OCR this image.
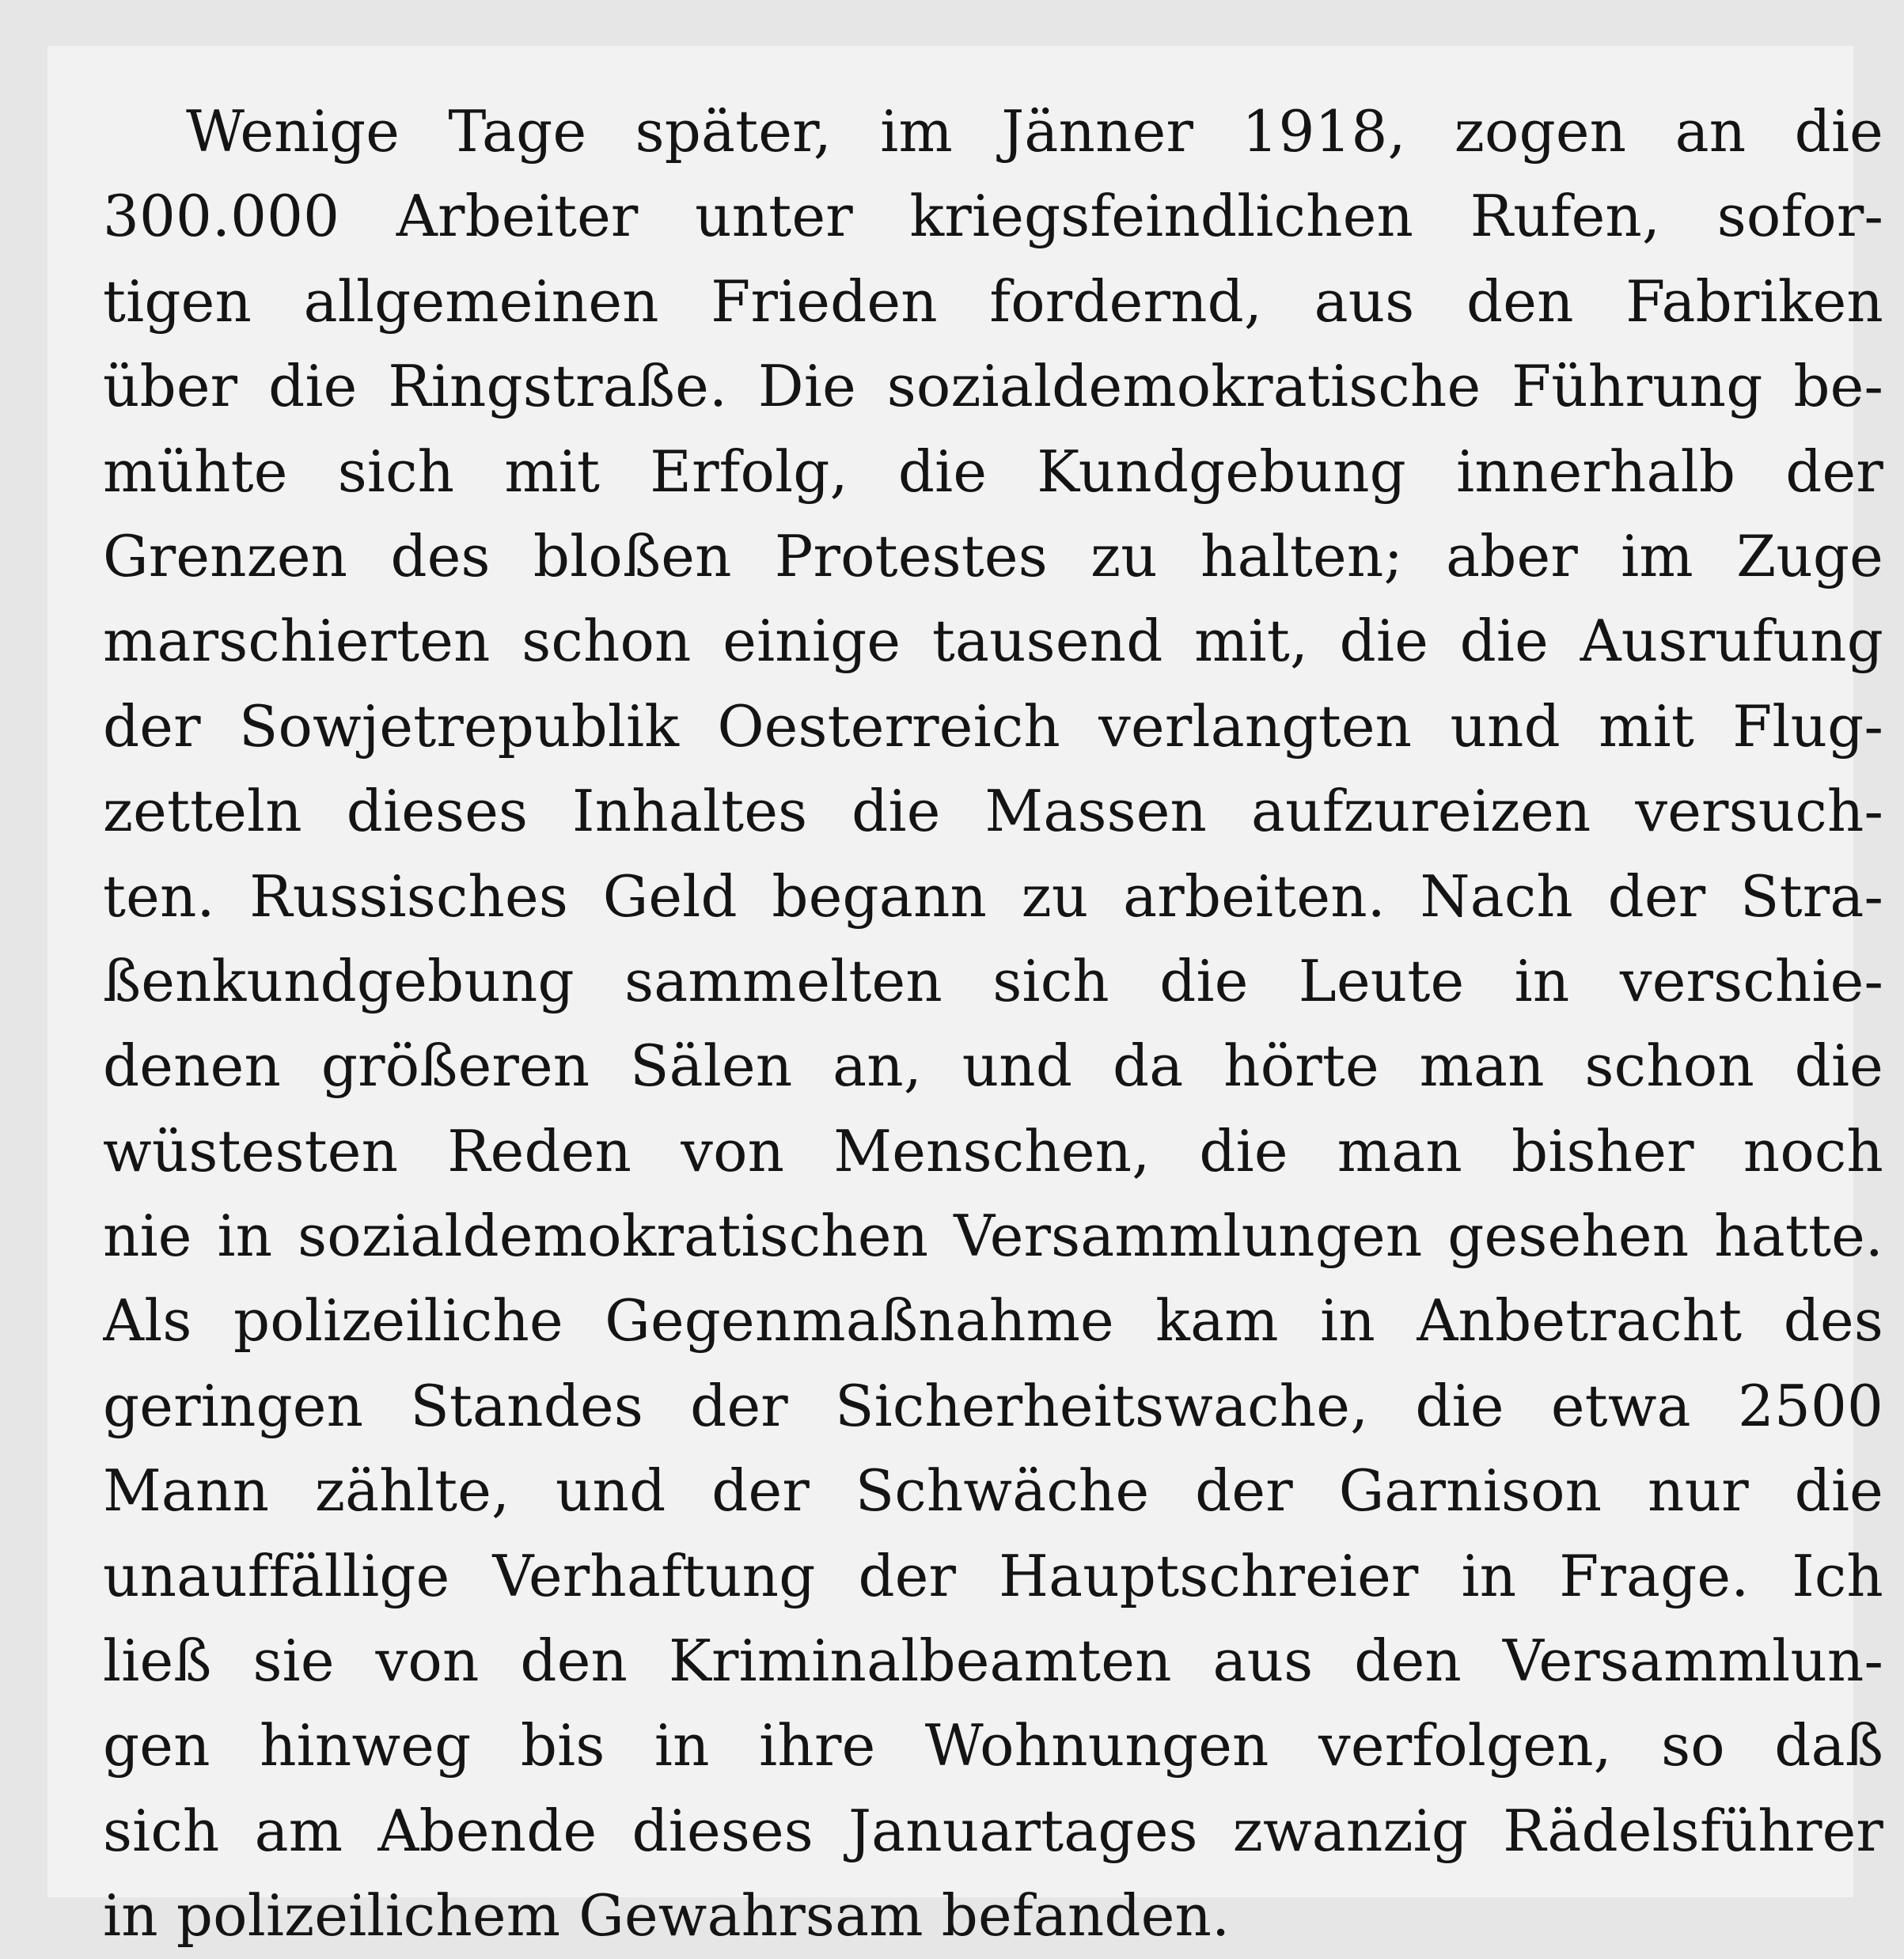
Wenige Tage später, im Jänner 1918, zogen an die
300.000 Arbeiter unter kriegsfeindlichen Rufen, sofor-
tigen allgemeinen Frieden fordernd, aus den Fabriken
über die Ringstraße. Die sozialdemokratische Führung be-
mühte sich mit Erfolg, die Kundgebung innerhalb der
Grenzen des bloßen Protestes zu halten; aber im Zuge
marschierten schon einige tausend mit, die die Ausrufung
der Sowjetrepublik Oesterreich verlangten und mit Flug-
zetteln dieses Inhaltes die Massen aufzureizen versuch-
ten. Russisches Geld begann zu arbeiten. Nach der Stra-
ßenkundgebung sammelten sich die Leute in verschie-
denen größeren Sälen an, und da hörte man schon die
wüstesten Reden von Menschen, die man bisher noch
nie in sozialdemokratischen Versammlungen gesehen hatte.
Als polizeiliche Gegenmaßnahme kam in Anbetracht des
geringen Standes der Sicherheitswache, die etwa 2500
Mann zählte, und der Schwäche der Garnison nur die
unauffällige Verhaftung der Hauptschreier in Frage. Ich
ließ sie von den Kriminalbeamten aus den Versammlun-
gen hinweg bis in ihre Wohnungen verfolgen, so daß
sich am Abende dieses Januartages zwanzig Rädelsführer
in polizeilichem Gewahrsam befanden.
